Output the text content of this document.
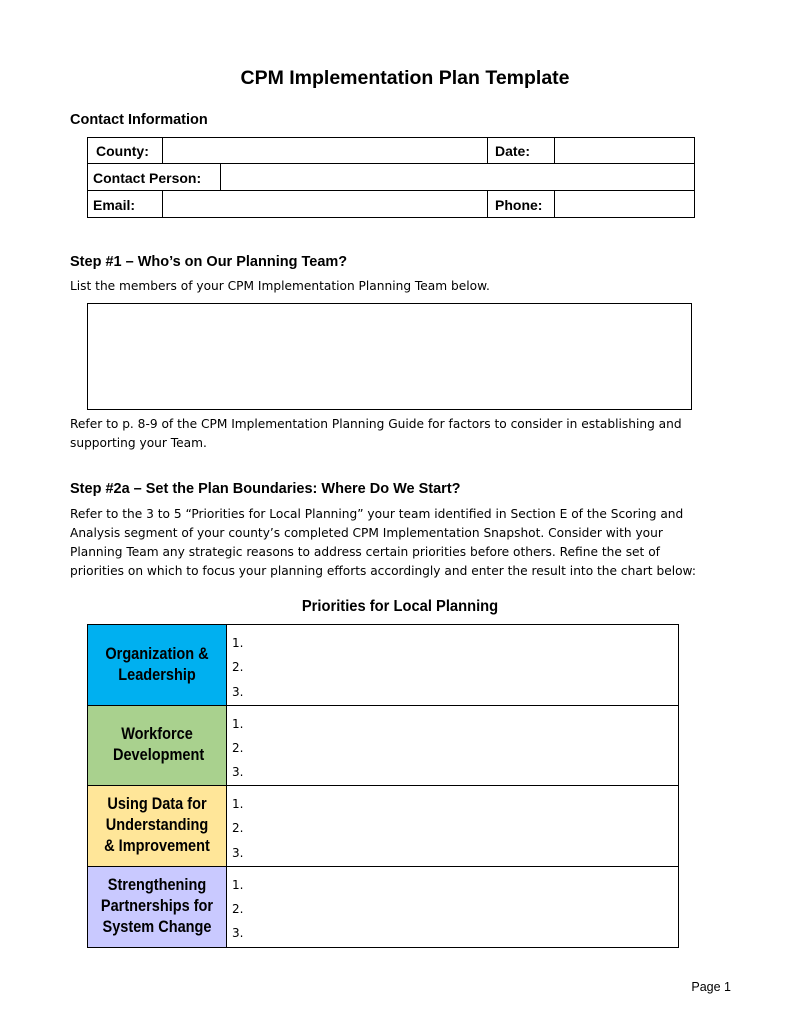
CPM Implementation Plan Template
Contact Information
County:	Date:
Contact Person:
Email:	Phone:
Step #1 – Who’s on Our Planning Team?
List the members of your CPM Implementation Planning Team below.
Refer to p. 8-9 of the CPM Implementation Planning Guide for factors to consider in establishing and
supporting your Team.
Step #2a – Set the Plan Boundaries: Where Do We Start?
Refer to the 3 to 5 “Priorities for Local Planning” your team identified in Section E of the Scoring and
Analysis segment of your county’s completed CPM Implementation Snapshot. Consider with your
Planning Team any strategic reasons to address certain priorities before others. Refine the set of
priorities on which to focus your planning efforts accordingly and enter the result into the chart below:
Priorities for Local Planning
Organization & Leadership
1.
2.
3.
Workforce Development
1.
2.
3.
Using Data for Understanding & Improvement
1.
2.
3.
Strengthening Partnerships for System Change
1.
2.
3.
Page 1
